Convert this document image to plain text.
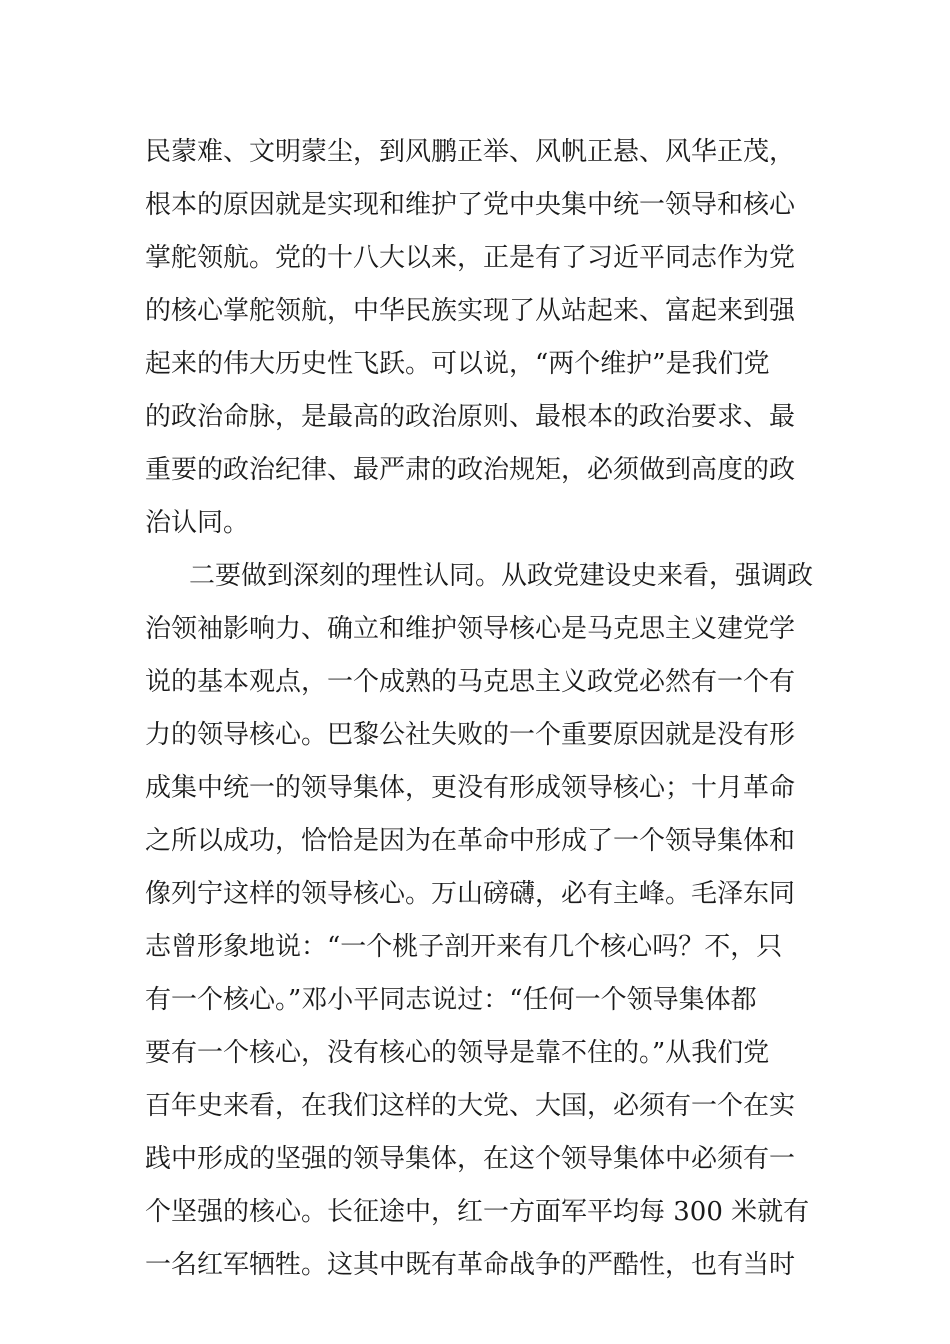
民蒙难、文明蒙尘，到风鹏正举、风帆正悬、风华正茂，
根本的原因就是实现和维护了党中央集中统一领导和核心
掌舵领航。党的十八大以来，正是有了习近平同志作为党
的核心掌舵领航，中华民族实现了从站起来、富起来到强
起来的伟大历史性飞跃。可以说，“两个维护”是我们党
的政治命脉，是最高的政治原则、最根本的政治要求、最
重要的政治纪律、最严肃的政治规矩，必须做到高度的政
治认同。
二要做到深刻的理性认同。从政党建设史来看，强调政
治领袖影响力、确立和维护领导核心是马克思主义建党学
说的基本观点，一个成熟的马克思主义政党必然有一个有
力的领导核心。巴黎公社失败的一个重要原因就是没有形
成集中统一的领导集体，更没有形成领导核心；十月革命
之所以成功，恰恰是因为在革命中形成了一个领导集体和
像列宁这样的领导核心。万山磅礴，必有主峰。毛泽东同
志曾形象地说：“一个桃子剖开来有几个核心吗？不，只
有一个核心。”邓小平同志说过：“任何一个领导集体都
要有一个核心，没有核心的领导是靠不住的。”从我们党
百年史来看，在我们这样的大党、大国，必须有一个在实
践中形成的坚强的领导集体，在这个领导集体中必须有一
个坚强的核心。长征途中，红一方面军平均每 300 米就有
一名红军牺牲。这其中既有革命战争的严酷性，也有当时
